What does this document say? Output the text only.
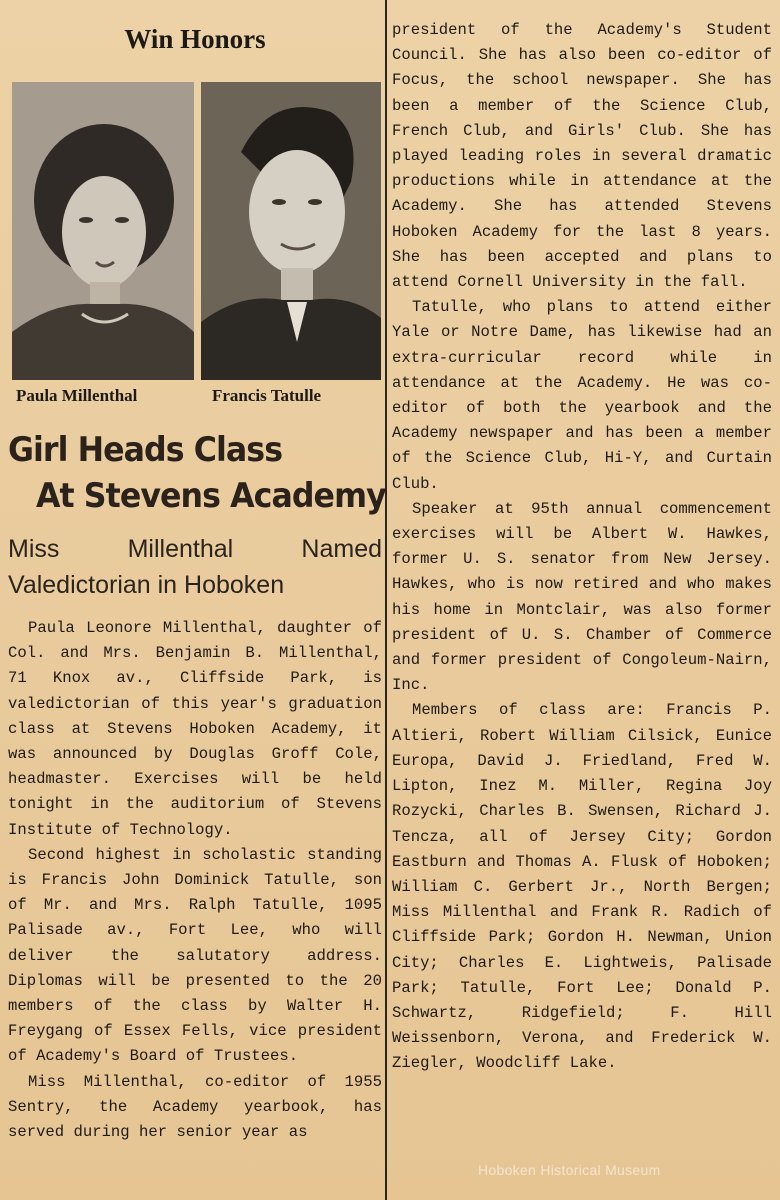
Win Honors
Paula Millenthal	Francis Tatulle
Girl Heads Class
At Stevens Academy
Miss Millenthal Named
Valedictorian in Hoboken

Paula Leonore Millenthal, daughter of Col. and Mrs. Benjamin B. Millenthal, 71 Knox av., Cliffside Park, is valedictorian of this year's graduation class at Stevens Hoboken Academy, it was announced by Douglas Groff Cole, headmaster. Exercises will be held tonight in the auditorium of Stevens Institute of Technology.

Second highest in scholastic standing is Francis John Dominick Tatulle, son of Mr. and Mrs. Ralph Tatulle, 1095 Palisade av., Fort Lee, who will deliver the salutatory address. Diplomas will be presented to the 20 members of the class by Walter H. Freygang of Essex Fells, vice president of Academy's Board of Trustees.

Miss Millenthal, co-editor of 1955 Sentry, the Academy yearbook, has served during her senior year as

president of the Academy's Student Council. She has also been co-editor of Focus, the school newspaper. She has been a member of the Science Club, French Club, and Girls' Club. She has played leading roles in several dramatic productions while in attendance at the Academy. She has attended Stevens Hoboken Academy for the last 8 years. She has been accepted and plans to attend Cornell University in the fall.

Tatulle, who plans to attend either Yale or Notre Dame, has likewise had an extra-curricular record while in attendance at the Academy. He was co-editor of both the yearbook and the Academy newspaper and has been a member of the Science Club, Hi-Y, and Curtain Club.

Speaker at 95th annual commencement exercises will be Albert W. Hawkes, former U. S. senator from New Jersey. Hawkes, who is now retired and who makes his home in Montclair, was also former president of U. S. Chamber of Commerce and former president of Congoleum-Nairn, Inc.

Members of class are: Francis P. Altieri, Robert William Cilsick, Eunice Europa, David J. Friedland, Fred W. Lipton, Inez M. Miller, Regina Joy Rozycki, Charles B. Swensen, Richard J. Tencza, all of Jersey City; Gordon Eastburn and Thomas A. Flusk of Hoboken; William C. Gerbert Jr., North Bergen; Miss Millenthal and Frank R. Radich of Cliffside Park; Gordon H. Newman, Union City; Charles E. Lightweis, Palisade Park; Tatulle, Fort Lee; Donald P. Schwartz, Ridgefield; F. Hill Weissenborn, Verona, and Frederick W. Ziegler, Woodcliff Lake.

Hoboken Historical Museum
